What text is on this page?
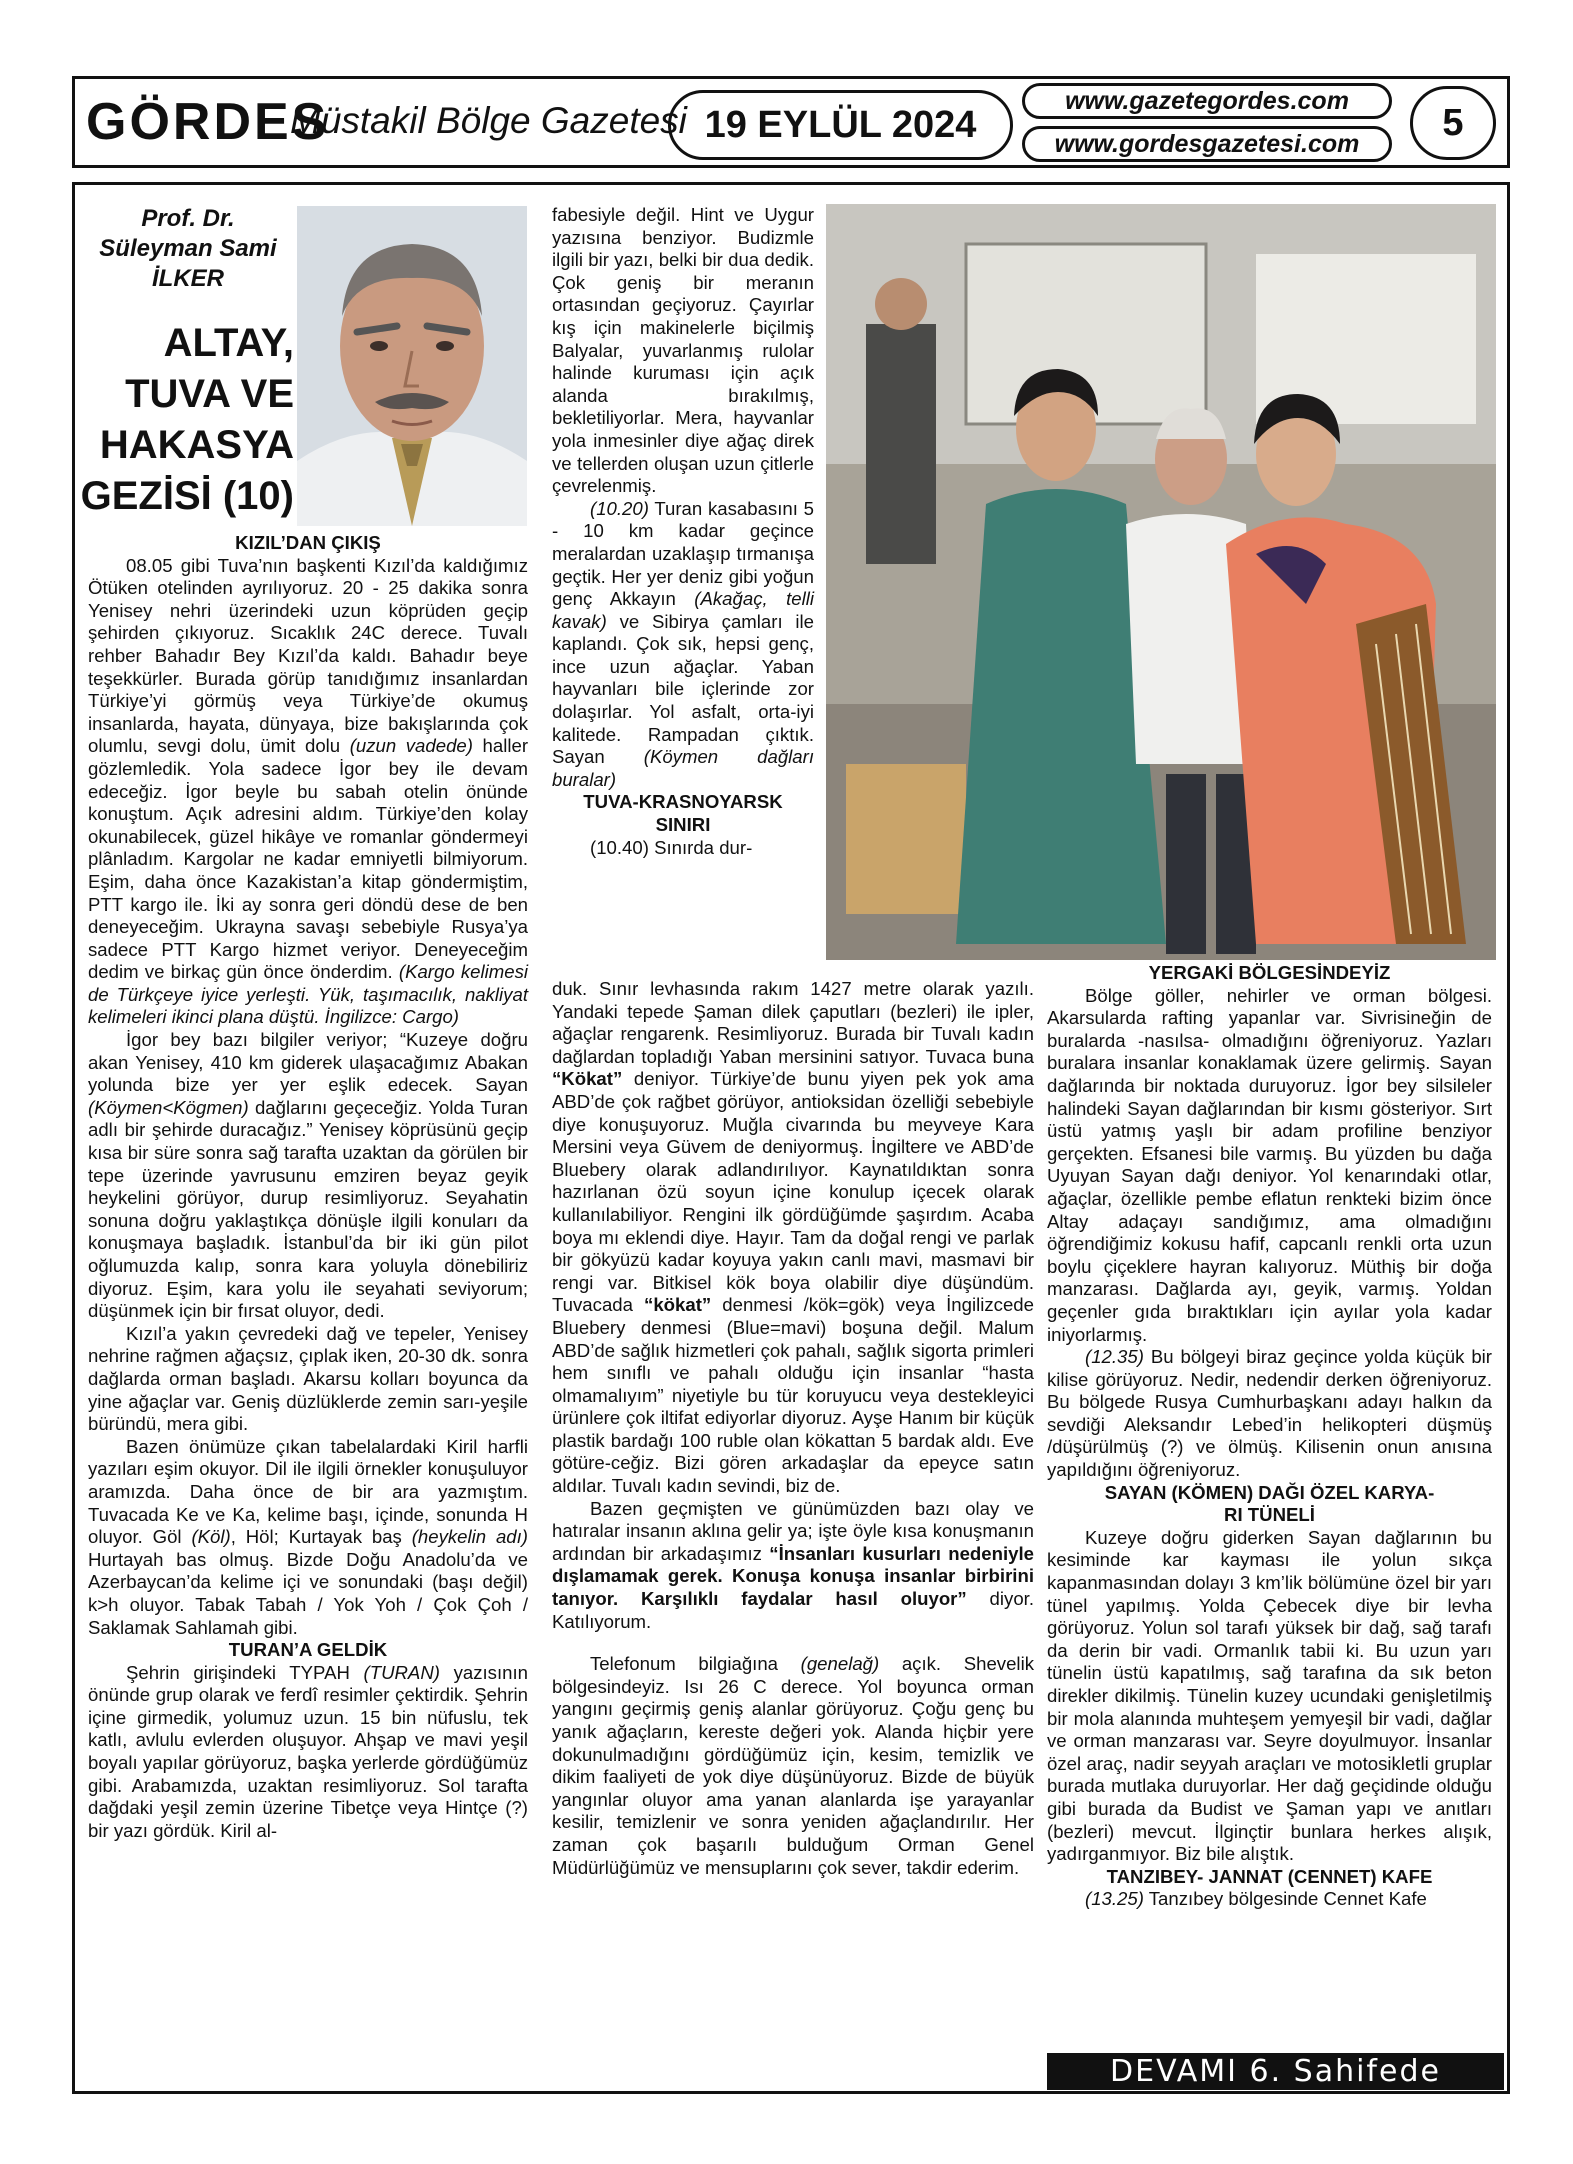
GÖRDES
Müstakil Bölge Gazetesi 19 EYLÜL 2024
www.gazetegordes.com
www.gordesgazetesi.com	5
Prof. Dr.
Süleyman Sami
İLKER
ALTAY,
TUVA VE
HAKASYA
GEZİSİ (10)
KIZIL’DAN ÇIKIŞ

08.05 gibi Tuva’nın başkenti Kızıl’da kaldığımız Ötüken otelinden ayrılıyoruz. 20 - 25 dakika sonra Yenisey nehri üzerindeki uzun köprüden geçip şehirden çıkıyoruz. Sıcaklık 24C derece. Tuvalı rehber Bahadır Bey Kızıl’da kaldı. Bahadır beye teşekkürler. Burada görüp tanıdığımız insanlardan Türkiye’yi görmüş veya Türkiye’de okumuş insanlarda, hayata, dünyaya, bize bakışlarında çok olumlu, sevgi dolu, ümit dolu (uzun vadede) haller gözlemledik. Yola sadece İgor bey ile devam edeceğiz. İgor beyle bu sabah otelin önünde konuştum. Açık adresini aldım. Türkiye’den kolay okunabilecek, güzel hikâye ve romanlar göndermeyi plânladım. Kargolar ne kadar emniyetli bilmiyorum. Eşim, daha önce Kazakistan’a kitap göndermiştim, PTT kargo ile. İki ay sonra geri döndü dese de ben deneyeceğim. Ukrayna savaşı sebebiyle Rusya’ya sadece PTT Kargo hizmet veriyor. Deneyeceğim dedim ve birkaç gün önce önderdim. (Kargo kelimesi de Türkçeye iyice yerleşti. Yük, taşımacılık, nakliyat kelimeleri ikinci plana düştü. İngilizce: Cargo)

İgor bey bazı bilgiler veriyor; “Kuzeye doğru akan Yenisey, 410 km giderek ulaşacağımız Abakan yolunda bize yer yer eşlik edecek. Sayan (Köymen<Kögmen) dağlarını geçeceğiz. Yolda Turan adlı bir şehirde duracağız.” Yenisey köprüsünü geçip kısa bir süre sonra sağ tarafta uzaktan da görülen bir tepe üzerinde yavrusunu emziren beyaz geyik heykelini görüyor, durup resimliyoruz. Seyahatin sonuna doğru yaklaştıkça dönüşle ilgili konuları da konuşmaya başladık. İstanbul’da bir iki gün pilot oğlumuzda kalıp, sonra kara yoluyla dönebiliriz diyoruz. Eşim, kara yolu ile seyahati seviyorum; düşünmek için bir fırsat oluyor, dedi.

Kızıl’a yakın çevredeki dağ ve tepeler, Yenisey nehrine rağmen ağaçsız, çıplak iken, 20-30 dk. sonra dağlarda orman başladı. Akarsu kolları boyunca da yine ağaçlar var. Geniş düzlüklerde zemin sarı-yeşile büründü, mera gibi.

Bazen önümüze çıkan tabelalardaki Kiril harfli yazıları eşim okuyor. Dil ile ilgili örnekler konuşuluyor aramızda. Daha önce de bir ara yazmıştım. Tuvacada Ke ve Ka, kelime başı, içinde, sonunda H oluyor. Göl (Köl), Höl; Kurtayak baş (heykelin adı) Hurtayah bas olmuş. Bizde Doğu Anadolu’da ve Azerbaycan’da kelime içi ve sonundaki (başı değil) k>h oluyor. Tabak Tabah / Yok Yoh / Çok Çoh / Saklamak Sahlamah gibi.

TURAN’A GELDİK

Şehrin girişindeki TYPAH (TURAN) yazısının önünde grup olarak ve ferdî resimler çektirdik. Şehrin içine girmedik, yolumuz uzun. 15 bin nüfuslu, tek katlı, avlulu evlerden oluşuyor. Ahşap ve mavi yeşil boyalı yapılar görüyoruz, başka yerlerde gördüğümüz gibi. Arabamızda, uzaktan resimliyoruz. Sol tarafta dağdaki yeşil zemin üzerine Tibetçe veya Hintçe (?) bir yazı gördük. Kiril al-

fabesiyle değil. Hint ve Uygur yazısına benziyor. Budizmle ilgili bir yazı, belki bir dua dedik. Çok geniş bir meranın ortasından geçiyoruz. Çayırlar kış için makinelerle biçilmiş Balyalar, yuvarlanmış rulolar halinde kuruması için açık alanda bırakılmış, bekletiliyorlar. Mera, hayvanlar yola inmesinler diye ağaç direk ve tellerden oluşan uzun çitlerle çevrelenmiş.

(10.20) Turan kasabasını 5 - 10 km kadar geçince meralardan uzaklaşıp tırmanışa geçtik. Her yer deniz gibi yoğun genç Akkayın (Akağaç, telli kavak) ve Sibirya çamları ile kaplandı. Çok sık, hepsi genç, ince uzun ağaçlar. Yaban hayvanları bile içlerinde zor dolaşırlar. Yol asfalt, orta-iyi kalitede. Rampadan çıktık. Sayan (Köymen dağları buralar)

TUVA-KRASNOYARSK
SINIRI

(10.40) Sınırda dur-

duk. Sınır levhasında rakım 1427 metre olarak yazılı. Yandaki tepede Şaman dilek çaputları (bezleri) ile ipler, ağaçlar rengarenk. Resimliyoruz. Burada bir Tuvalı kadın dağlardan topladığı Yaban mersinini satıyor. Tuvaca buna “Kökat” deniyor. Türkiye’de bunu yiyen pek yok ama ABD’de çok rağbet görüyor, antioksidan özelliği sebebiyle diye konuşuyoruz. Muğla civarında bu meyveye Kara Mersini veya Güvem de deniyormuş. İngiltere ve ABD’de Bluebery olarak adlandırılıyor. Kaynatıldıktan sonra hazırlanan özü soyun içine konulup içecek olarak kullanılabiliyor. Rengini ilk gördüğümde şaşırdım. Acaba boya mı eklendi diye. Hayır. Tam da doğal rengi ve parlak bir gökyüzü kadar koyuya yakın canlı mavi, masmavi bir rengi var. Bitkisel kök boya olabilir diye düşündüm. Tuvacada “kökat” denmesi /kök=gök) veya İngilizcede Bluebery denmesi (Blue=mavi) boşuna değil. Malum ABD’de sağlık hizmetleri çok pahalı, sağlık sigorta primleri hem sınıflı ve pahalı olduğu için insanlar “hasta olmamalıyım” niyetiyle bu tür koruyucu veya destekleyici ürünlere çok iltifat ediyorlar diyoruz. Ayşe Hanım bir küçük plastik bardağı 100 ruble olan kökattan 5 bardak aldı. Eve götüre-ceğiz. Bizi gören arkadaşlar da epeyce satın aldılar. Tuvalı kadın sevindi, biz de.

Bazen geçmişten ve günümüzden bazı olay ve hatıralar insanın aklına gelir ya; işte öyle kısa konuşmanın ardından bir arkadaşımız “İnsanları kusurları nedeniyle dışlamamak gerek. Konuşa konuşa insanlar birbirini tanıyor. Karşılıklı faydalar hasıl oluyor” diyor. Katılıyorum.

Telefonum bilgiağına (genelağ) açık. Shevelik bölgesindeyiz. Isı 26 C derece. Yol boyunca orman yangını geçirmiş geniş alanlar görüyoruz. Çoğu genç bu yanık ağaçların, kereste değeri yok. Alanda hiçbir yere dokunulmadığını gördüğümüz için, kesim, temizlik ve dikim faaliyeti de yok diye düşünüyoruz. Bizde de büyük yangınlar oluyor ama yanan alanlarda işe yarayanlar kesilir, temizlenir ve sonra yeniden ağaçlandırılır. Her zaman çok başarılı bulduğum Orman Genel Müdürlüğümüz ve mensuplarını çok sever, takdir ederim.

YERGAKİ BÖLGESİNDEYİZ

Bölge göller, nehirler ve orman bölgesi. Akarsularda rafting yapanlar var. Sivrisineğin de buralarda -nasılsa- olmadığını öğreniyoruz. Yazları buralara insanlar konaklamak üzere gelirmiş. Sayan dağlarında bir noktada duruyoruz. İgor bey silsileler halindeki Sayan dağlarından bir kısmı gösteriyor. Sırt üstü yatmış yaşlı bir adam profiline benziyor gerçekten. Efsanesi bile varmış. Bu yüzden bu dağa Uyuyan Sayan dağı deniyor. Yol kenarındaki otlar, ağaçlar, özellikle pembe eflatun renkteki bizim önce Altay adaçayı sandığımız, ama olmadığını öğrendiğimiz kokusu hafif, capcanlı renkli orta uzun boylu çiçeklere hayran kalıyoruz. Müthiş bir doğa manzarası. Dağlarda ayı, geyik, varmış. Yoldan geçenler gıda bıraktıkları için ayılar yola kadar iniyorlarmış.

(12.35) Bu bölgeyi biraz geçince yolda küçük bir kilise görüyoruz. Nedir, nedendir derken öğreniyoruz. Bu bölgede Rusya Cumhurbaşkanı adayı halkın da sevdiği Aleksandır Lebed’in helikopteri düşmüş /düşürülmüş (?) ve ölmüş. Kilisenin onun anısına yapıldığını öğreniyoruz.

SAYAN (KÖMEN) DAĞI ÖZEL KARYA-
RI TÜNELİ

Kuzeye doğru giderken Sayan dağlarının bu kesiminde kar kayması ile yolun sıkça kapanmasından dolayı 3 km’lik bölümüne özel bir yarı tünel yapılmış. Yolda Çebecek diye bir levha görüyoruz. Yolun sol tarafı yüksek bir dağ, sağ tarafı da derin bir vadi. Ormanlık tabii ki. Bu uzun yarı tünelin üstü kapatılmış, sağ tarafına da sık beton direkler dikilmiş. Tünelin kuzey ucundaki genişletilmiş bir mola alanında muhteşem yemyeşil bir vadi, dağlar ve orman manzarası var. Seyre doyulmuyor. İnsanlar özel araç, nadir seyyah araçları ve motosikletli gruplar burada mutlaka duruyorlar. Her dağ geçidinde olduğu gibi burada da Budist ve Şaman yapı ve anıtları (bezleri) mevcut. İlginçtir bunlara herkes alışık, yadırganmıyor. Biz bile alıştık.

TANZIBEY- JANNAT (CENNET) KAFE

(13.25) Tanzıbey bölgesinde Cennet Kafe

DEVAMI 6. Sahifede
